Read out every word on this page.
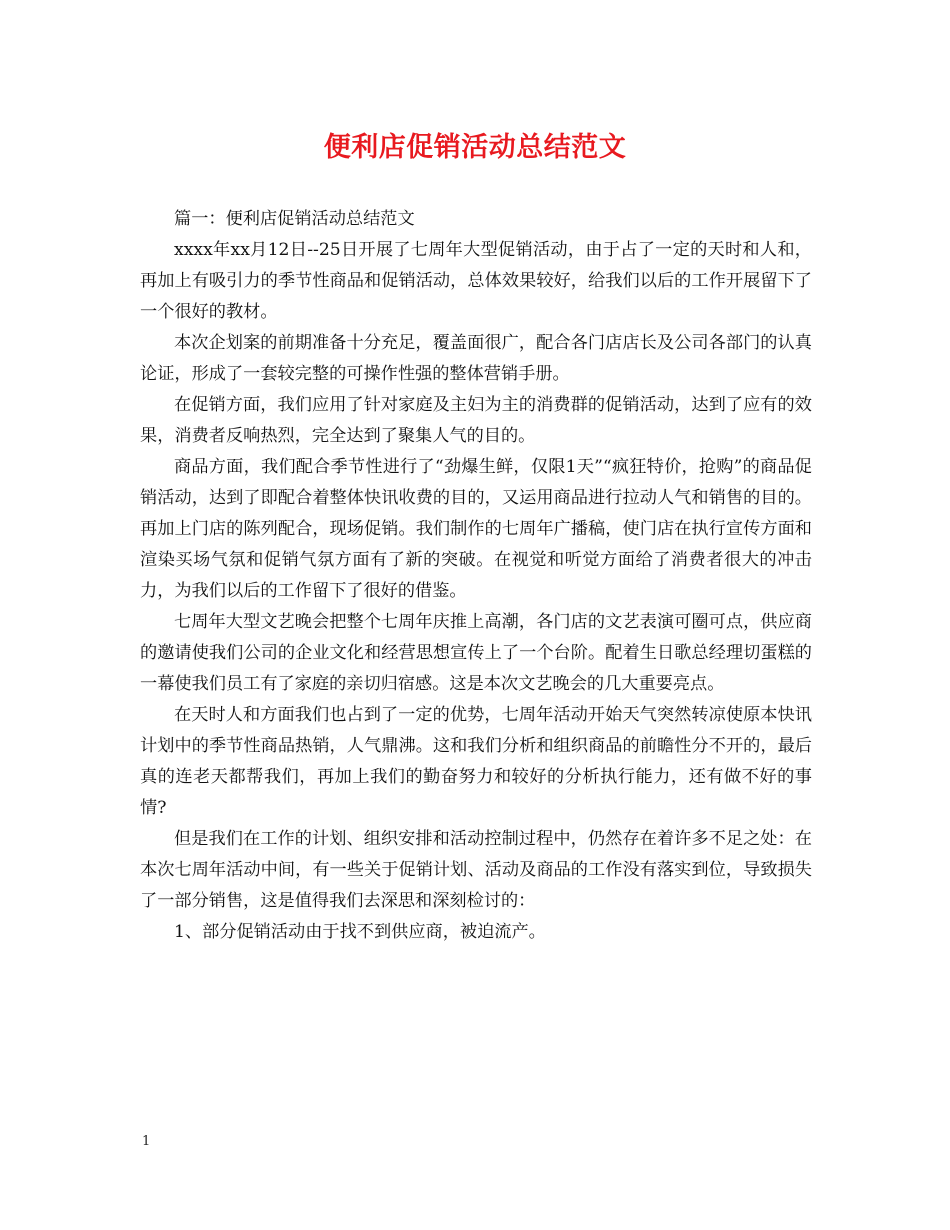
便利店促销活动总结范文

篇一：便利店促销活动总结范文

xxxx年xx月12日--25日开展了七周年大型促销活动，由于占了一定的天时和人和，再加上有吸引力的季节性商品和促销活动，总体效果较好，给我们以后的工作开展留下了一个很好的教材。

本次企划案的前期准备十分充足，覆盖面很广，配合各门店店长及公司各部门的认真论证，形成了一套较完整的可操作性强的整体营销手册。

在促销方面，我们应用了针对家庭及主妇为主的消费群的促销活动，达到了应有的效果，消费者反响热烈，完全达到了聚集人气的目的。

商品方面，我们配合季节性进行了“劲爆生鲜，仅限1天”“疯狂特价，抢购”的商品促销活动，达到了即配合着整体快讯收费的目的，又运用商品进行拉动人气和销售的目的。再加上门店的陈列配合，现场促销。我们制作的七周年广播稿，使门店在执行宣传方面和渲染买场气氛和促销气氛方面有了新的突破。在视觉和听觉方面给了消费者很大的冲击力，为我们以后的工作留下了很好的借鉴。

七周年大型文艺晚会把整个七周年庆推上高潮，各门店的文艺表演可圈可点，供应商的邀请使我们公司的企业文化和经营思想宣传上了一个台阶。配着生日歌总经理切蛋糕的一幕使我们员工有了家庭的亲切归宿感。这是本次文艺晚会的几大重要亮点。

在天时人和方面我们也占到了一定的优势，七周年活动开始天气突然转凉使原本快讯计划中的季节性商品热销，人气鼎沸。这和我们分析和组织商品的前瞻性分不开的，最后真的连老天都帮我们，再加上我们的勤奋努力和较好的分析执行能力，还有做不好的事情?

但是我们在工作的计划、组织安排和活动控制过程中，仍然存在着许多不足之处：在本次七周年活动中间，有一些关于促销计划、活动及商品的工作没有落实到位，导致损失了一部分销售，这是值得我们去深思和深刻检讨的：

1、部分促销活动由于找不到供应商，被迫流产。

1
